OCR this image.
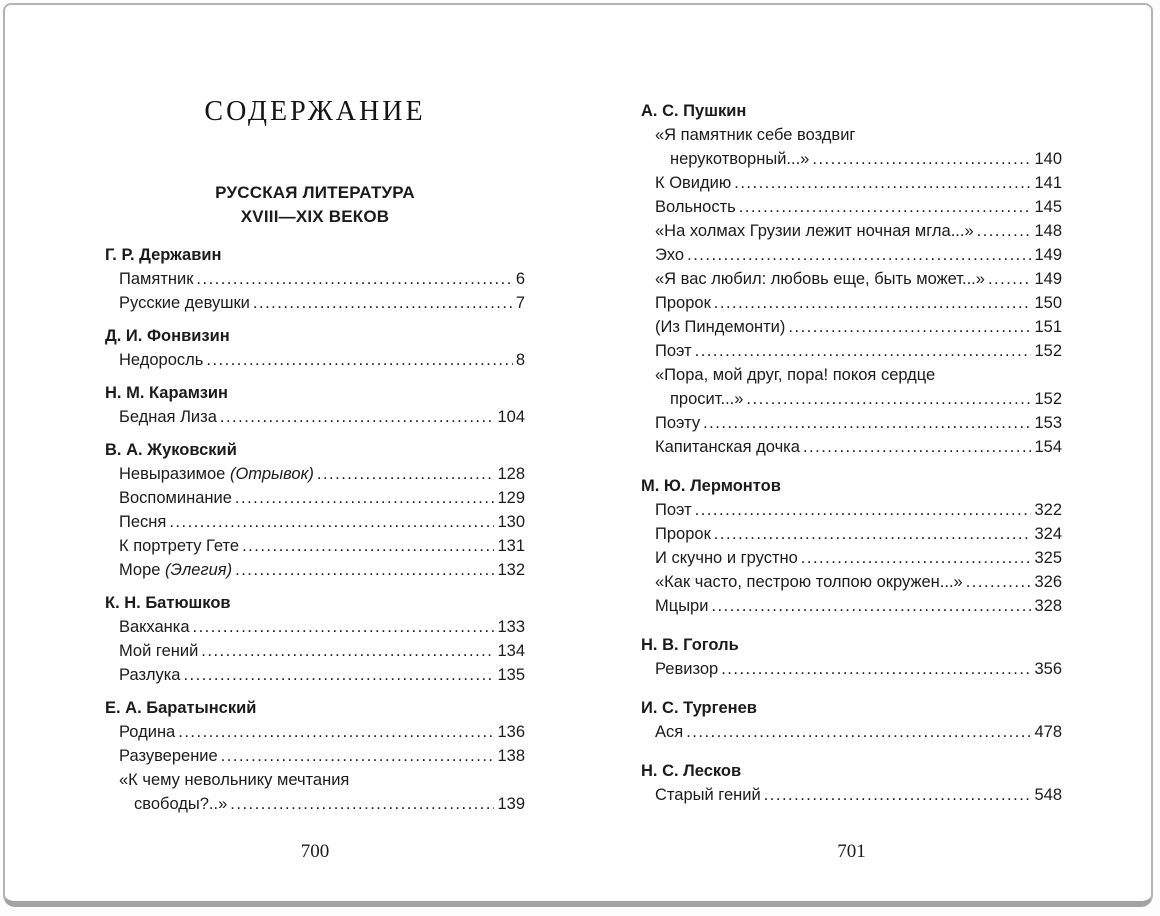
СОДЕРЖАНИЕ
РУССКАЯ ЛИТЕРАТУРА
XVIII—XIX ВЕКОВ
Г. Р. Державин
Памятник .....	6
Русские девушки .....	7
Д. И. Фонвизин
Недоросль .....	8
Н. М. Карамзин
Бедная Лиза .....	104
В. А. Жуковский
Невыразимое (Отрывок) .....	128
Воспоминание .....	129
Песня .....	130
К портрету Гете .....	131
Море (Элегия) .....	132
К. Н. Батюшков
Вакханка .....	133
Мой гений .....	134
Разлука .....	135
Е. А. Баратынский
Родина .....	136
Разуверение .....	138
«К чему невольнику мечтания
свободы?..» .....	139
А. С. Пушкин
«Я памятник себе воздвиг
нерукотворный...» .....	140
К Овидию .....	141
Вольность .....	145
«На холмах Грузии лежит ночная мгла...» .....	148
Эхо .....	149
«Я вас любил: любовь еще, быть может...» .....	149
Пророк .....	150
(Из Пиндемонти) .....	151
Поэт .....	152
«Пора, мой друг, пора! покоя сердце
просит...» .....	152
Поэту .....	153
Капитанская дочка .....	154
М. Ю. Лермонтов
Поэт .....	322
Пророк .....	324
И скучно и грустно .....	325
«Как часто, пестрою толпою окружен...» .....	326
Мцыри .....	328
Н. В. Гоголь
Ревизор .....	356
И. С. Тургенев
Ася .....	478
Н. С. Лесков
Старый гений .....	548
700	701
